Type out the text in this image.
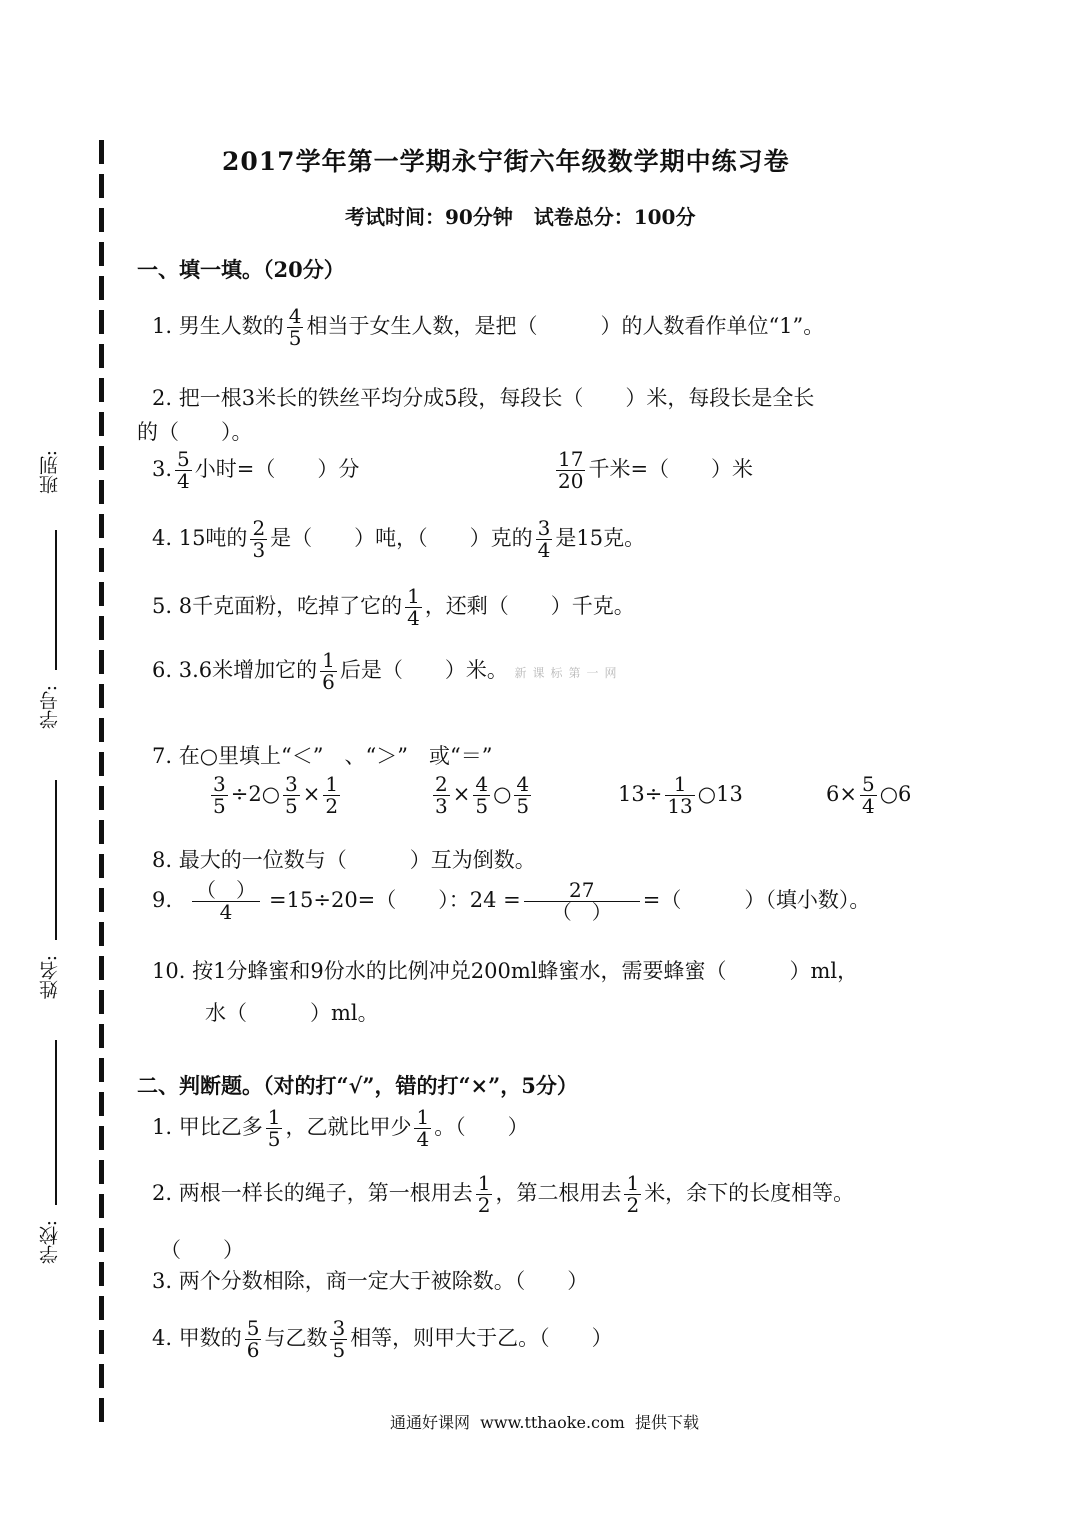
班别:
学号:
姓名:
学校:
2017学年第一学期永宁街六年级数学期中练习卷
考试时间：90分钟   试卷总分：100分
一、填一填。（20分）
1. 男生人数的 $\frac{4}{5}$ 相当于女生人数，是把（　　　）的人数看作单位“1”。
2. 把一根3米长的铁丝平均分成5段，每段长（　　）米，每段长是全长
的（　　）。
3. $\frac{5}{4}$ 小时=（　　）分	$\frac{17}{20}$ 千米=（　　）米
4. 15吨的 $\frac{2}{3}$ 是（　　）吨，（　　）克的 $\frac{3}{4}$ 是15克。
5. 8千克面粉，吃掉了它的 $\frac{1}{4}$ ，还剩（　　）千克。
6. 3.6米增加它的 $\frac{1}{6}$ 后是（　　）米。 新课标第一网
7. 在○里填上“＜”　、“＞”　或“＝”
$\frac{3}{5}$ ÷2○ $\frac{3}{5} \times \frac{1}{2}$	$\frac{2}{3} \times \frac{4}{5}$ ○ $\frac{4}{5}$	$13\div \frac{1}{13}$ ○13	$6\times \frac{5}{4}$ ○6
8. 最大的一位数与（　　　）互为倒数。
9. $\frac{( )}{4} =15\div 20=$（　　）：$24 = \frac{27}{( )}$ =（　　　）（填小数）。
10. 按1分蜂蜜和9份水的比例冲兑200ml蜂蜜水，需要蜂蜜（　　　）ml，
水（　　　）ml。
二、判断题。（对的打“√”，错的打“×”，5分）
1. 甲比乙多 $\frac{1}{5}$ ，乙就比甲少 $\frac{1}{4}$ 。（　　）
2. 两根一样长的绳子，第一根用去 $\frac{1}{2}$ ，第二根用去 $\frac{1}{2}$ 米，余下的长度相等。
（　　）
3. 两个分数相除，商一定大于被除数。（　　）
4. 甲数的 $\frac{5}{6}$ 与乙数 $\frac{3}{5}$ 相等，则甲大于乙。（　　）
通通好课网  www.tthaoke.com  提供下载
